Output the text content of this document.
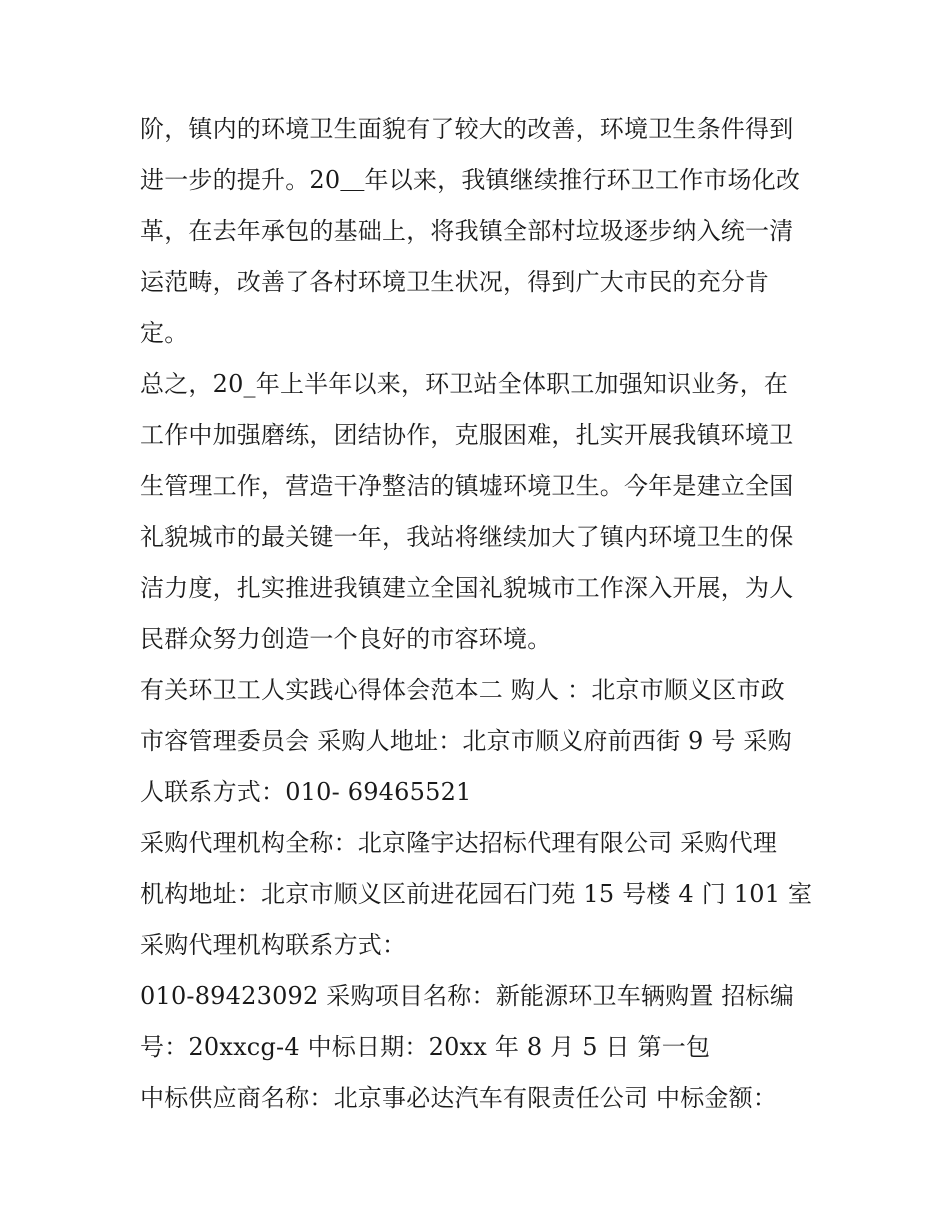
阶，镇内的环境卫生面貌有了较大的改善，环境卫生条件得到
进一步的提升。20＿年以来，我镇继续推行环卫工作市场化改
革，在去年承包的基础上，将我镇全部村垃圾逐步纳入统一清
运范畴，改善了各村环境卫生状况，得到广大市民的充分肯
定。
总之，20_年上半年以来，环卫站全体职工加强知识业务，在
工作中加强磨练，团结协作，克服困难，扎实开展我镇环境卫
生管理工作，营造干净整洁的镇墟环境卫生。今年是建立全国
礼貌城市的最关键一年，我站将继续加大了镇内环境卫生的保
洁力度，扎实推进我镇建立全国礼貌城市工作深入开展，为人
民群众努力创造一个良好的市容环境。
有关环卫工人实践心得体会范本二 购人 ：北京市顺义区市政
市容管理委员会 采购人地址：北京市顺义府前西街 9 号 采购
人联系方式：010- 69465521
采购代理机构全称：北京隆宇达招标代理有限公司 采购代理
机构地址：北京市顺义区前进花园石门苑 15 号楼 4 门 101 室
采购代理机构联系方式：
010-89423092 采购项目名称：新能源环卫车辆购置 招标编
号：20xxcg-4 中标日期：20xx 年 8 月 5 日 第一包
中标供应商名称：北京事必达汽车有限责任公司 中标金额：
